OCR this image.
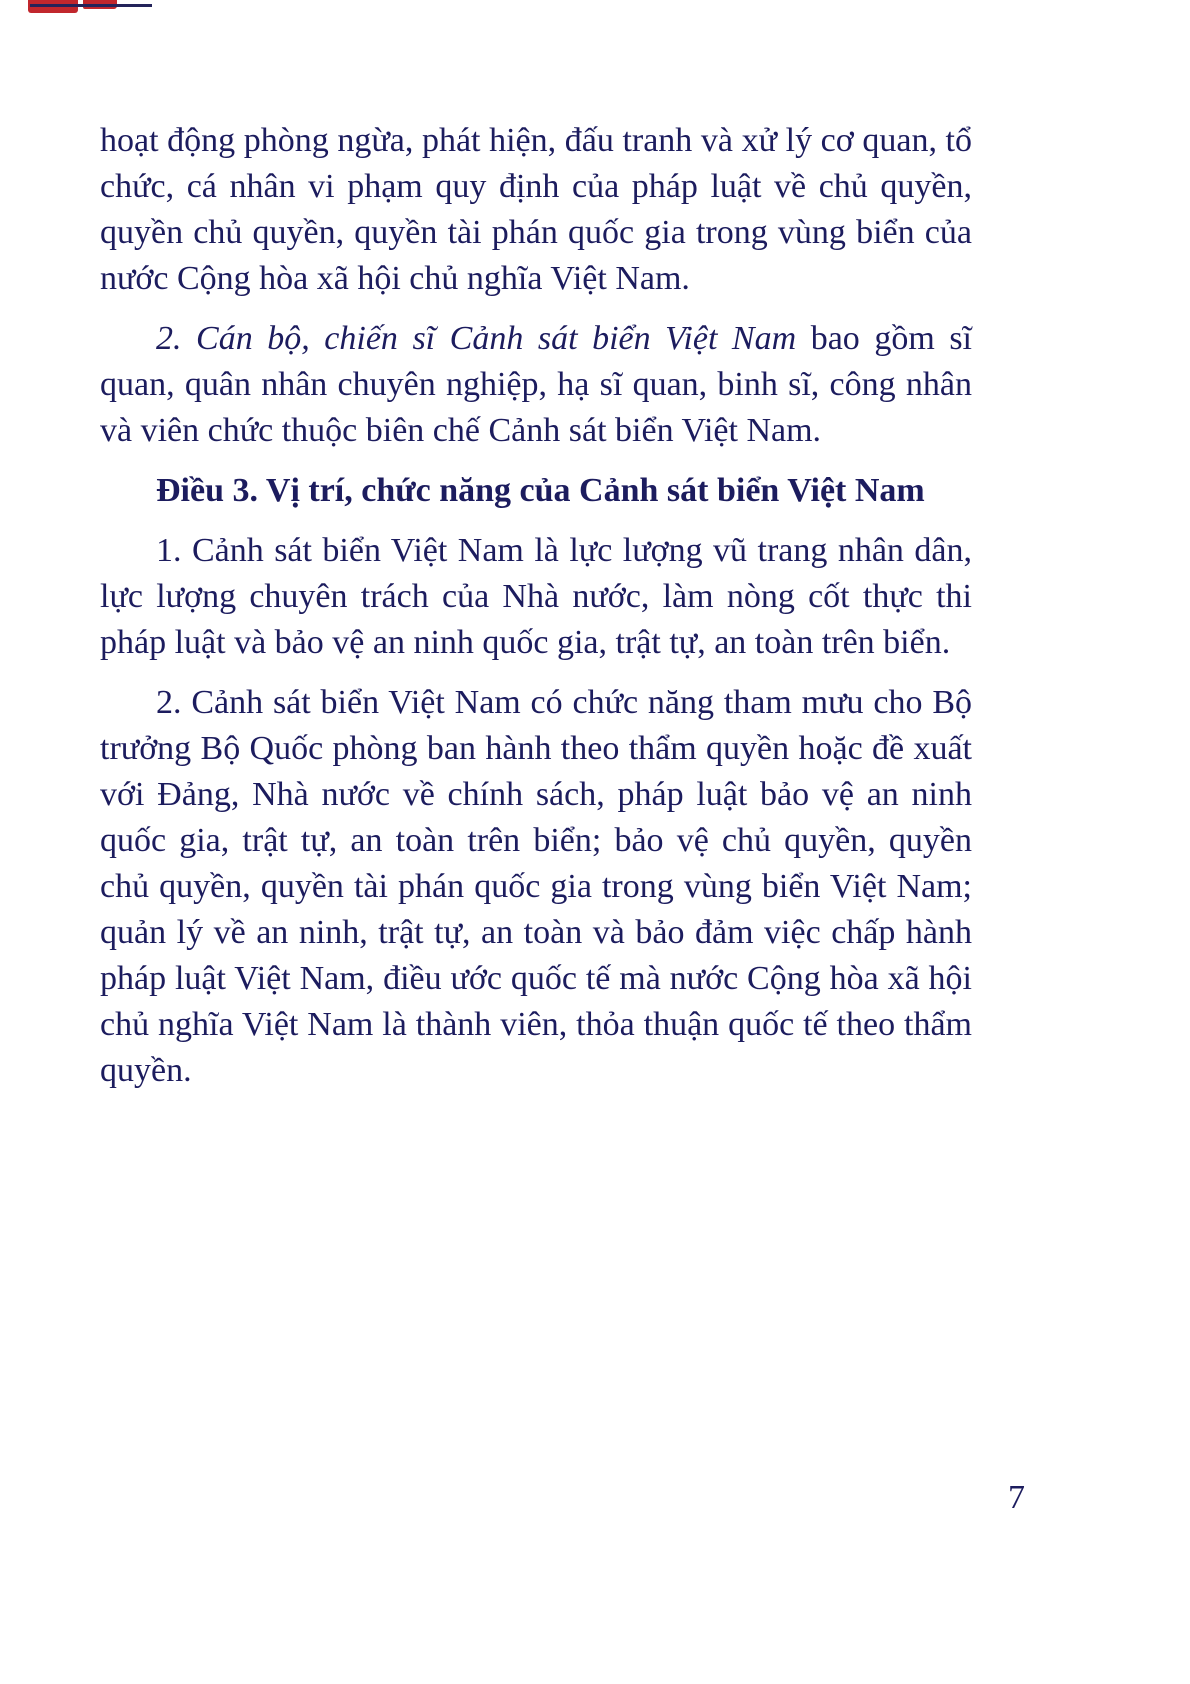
hoạt động phòng ngừa, phát hiện, đấu tranh và xử lý cơ quan, tổ chức, cá nhân vi phạm quy định của pháp luật về chủ quyền, quyền chủ quyền, quyền tài phán quốc gia trong vùng biển của nước Cộng hòa xã hội chủ nghĩa Việt Nam.

2. Cán bộ, chiến sĩ Cảnh sát biển Việt Nam bao gồm sĩ quan, quân nhân chuyên nghiệp, hạ sĩ quan, binh sĩ, công nhân và viên chức thuộc biên chế Cảnh sát biển Việt Nam.

Điều 3. Vị trí, chức năng của Cảnh sát biển Việt Nam

1. Cảnh sát biển Việt Nam là lực lượng vũ trang nhân dân, lực lượng chuyên trách của Nhà nước, làm nòng cốt thực thi pháp luật và bảo vệ an ninh quốc gia, trật tự, an toàn trên biển.

2. Cảnh sát biển Việt Nam có chức năng tham mưu cho Bộ trưởng Bộ Quốc phòng ban hành theo thẩm quyền hoặc đề xuất với Đảng, Nhà nước về chính sách, pháp luật bảo vệ an ninh quốc gia, trật tự, an toàn trên biển; bảo vệ chủ quyền, quyền chủ quyền, quyền tài phán quốc gia trong vùng biển Việt Nam; quản lý về an ninh, trật tự, an toàn và bảo đảm việc chấp hành pháp luật Việt Nam, điều ước quốc tế mà nước Cộng hòa xã hội chủ nghĩa Việt Nam là thành viên, thỏa thuận quốc tế theo thẩm quyền.

7
